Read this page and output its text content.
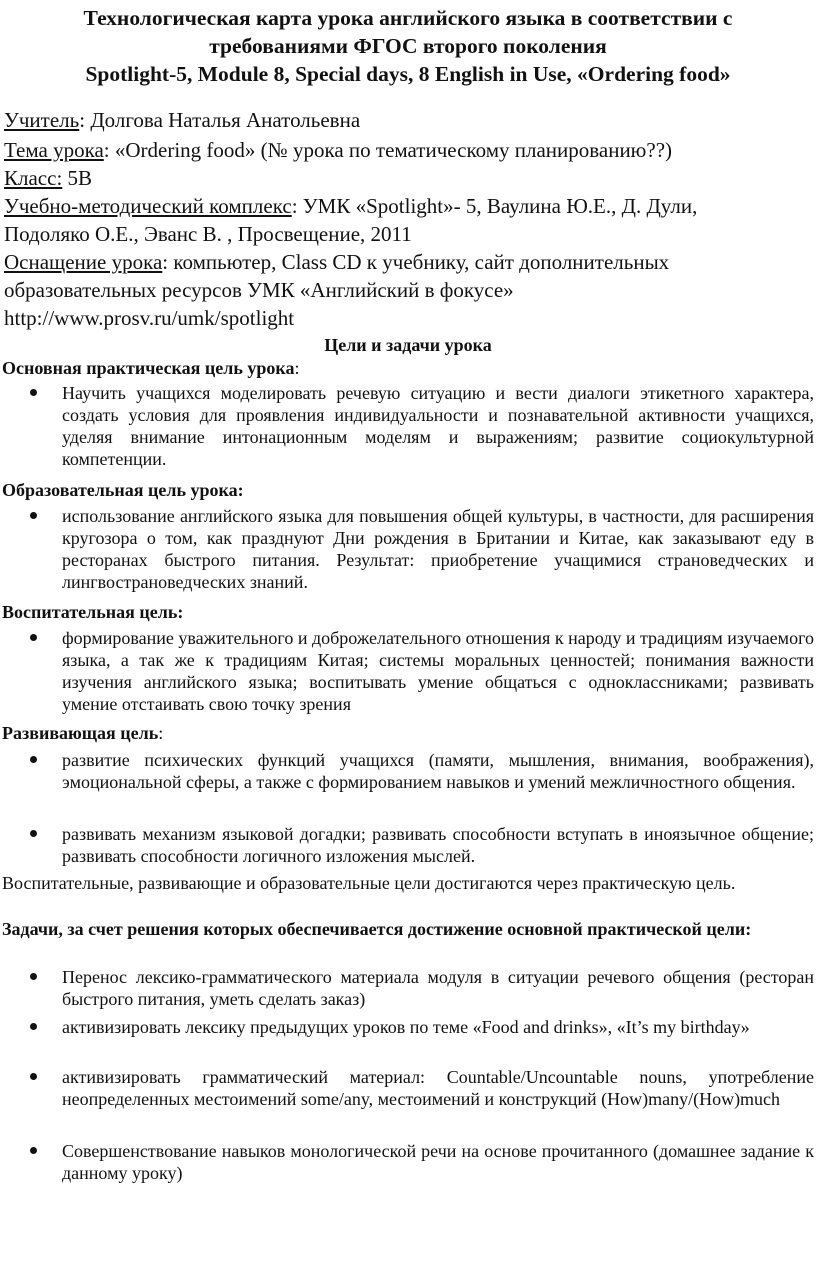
Технологическая карта урока английского языка в соответствии с
требованиями ФГОС второго поколения
Spotlight-5, Module 8, Special days, 8 English in Use, «Ordering food»
Учитель: Долгова Наталья Анатольевна
Тема урока: «Ordering food» (№ урока по тематическому планированию??)
Класс: 5В
Учебно-методический комплекс: УМК «Spotlight»- 5, Ваулина Ю.Е., Д. Дули,
Подоляко О.Е., Эванс В. , Просвещение, 2011
Оснащение урока: компьютер, Class CD к учебнику, сайт дополнительных
образовательных ресурсов УМК «Английский в фокусе»
http://www.prosv.ru/umk/spotlight
Цели и задачи урока
Основная практическая цель урока:
Научить учащихся моделировать речевую ситуацию и вести диалоги этикетного характера, создать условия для проявления индивидуальности и познавательной активности учащихся, уделяя внимание интонационным моделям и выражениям; развитие социокультурной компетенции.
Образовательная цель урока:
использование английского языка для повышения общей культуры, в частности, для расширения кругозора о том, как празднуют Дни рождения в Британии и Китае, как заказывают еду в ресторанах быстрого питания. Результат: приобретение учащимися страноведческих и лингвострановедческих знаний.
Воспитательная цель:
формирование уважительного и доброжелательного отношения к народу и традициям изучаемого языка, а так же к традициям Китая; системы моральных ценностей; понимания важности изучения английского языка; воспитывать умение общаться с одноклассниками; развивать умение отстаивать свою точку зрения
Развивающая цель:
развитие психических функций учащихся (памяти, мышления, внимания, воображения), эмоциональной сферы, а также с формированием навыков и умений межличностного общения.
развивать механизм языковой догадки; развивать способности вступать в иноязычное общение; развивать способности логичного изложения мыслей.
Воспитательные, развивающие и образовательные цели достигаются через практическую цель.
Задачи, за счет решения которых обеспечивается достижение основной практической цели:
Перенос лексико-грамматического материала модуля в ситуации речевого общения (ресторан быстрого питания, уметь сделать заказ)
активизировать лексику предыдущих уроков по теме «Food and drinks», «It’s my birthday»
активизировать грамматический материал: Countable/Uncountable nouns, употребление неопределенных местоимений some/any, местоимений и конструкций (How)many/(How)much
Совершенствование навыков монологической речи на основе прочитанного (домашнее задание к данному уроку)
